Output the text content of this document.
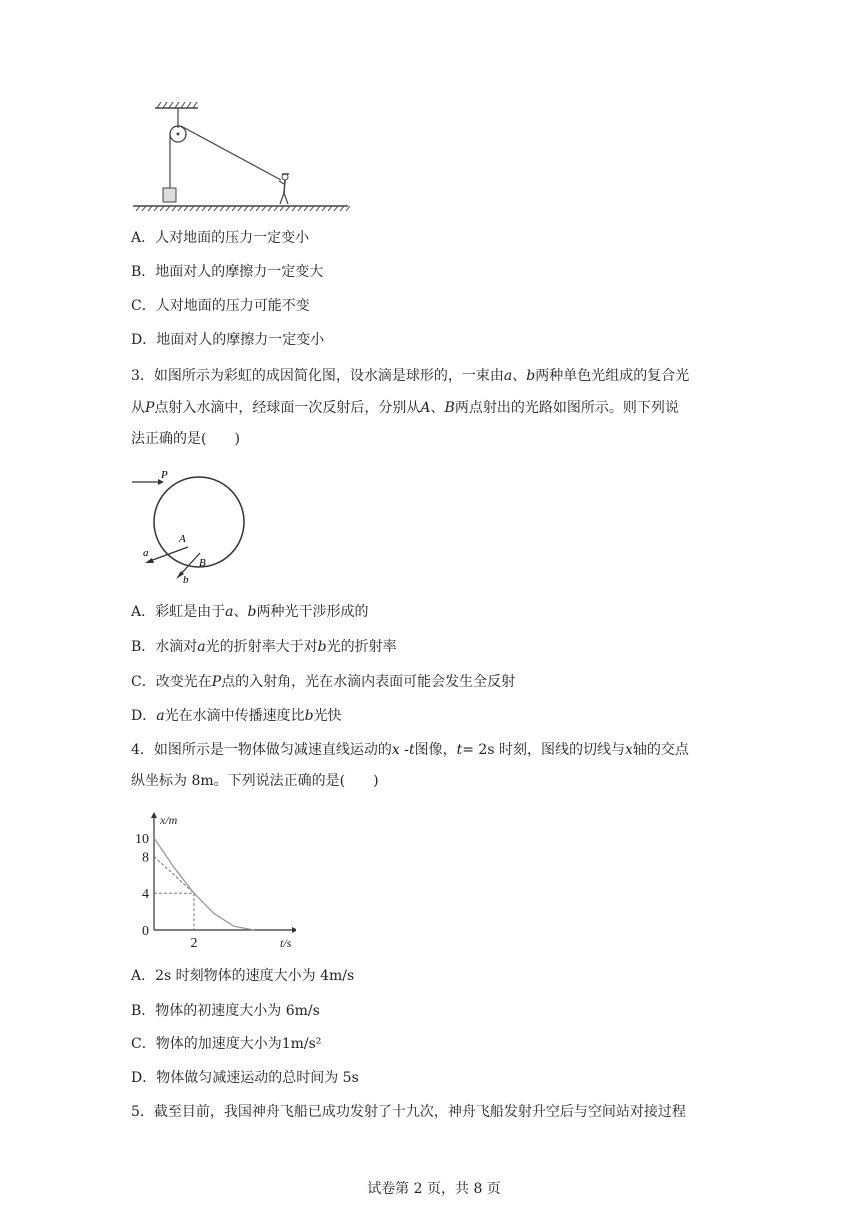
A．人对地面的压力一定变小
B．地面对人的摩擦力一定变大
C．人对地面的压力可能不变
D．地面对人的摩擦力一定变小
3．如图所示为彩虹的成因简化图，设水滴是球形的，一束由a、b两种单色光组成的复合光
从P点射入水滴中，经球面一次反射后，分别从A、B两点射出的光路如图所示。则下列说
法正确的是(　　)
P
A
B
a
b
A．彩虹是由于a、b两种光干涉形成的
B．水滴对a光的折射率大于对b光的折射率
C．改变光在P点的入射角，光在水滴内表面可能会发生全反射
D．a光在水滴中传播速度比b光快
4．如图所示是一物体做匀减速直线运动的x -t图像，t= 2s 时刻，图线的切线与x轴的交点
纵坐标为 8m。下列说法正确的是(　　)
10
8
4
0
2
x/m
t/s
A．2s 时刻物体的速度大小为 4m/s
B．物体的初速度大小为 6m/s
C．物体的加速度大小为1m/s²
D．物体做匀减速运动的总时间为 5s
5．截至目前，我国神舟飞船已成功发射了十九次，神舟飞船发射升空后与空间站对接过程
试卷第 2 页，共 8 页
